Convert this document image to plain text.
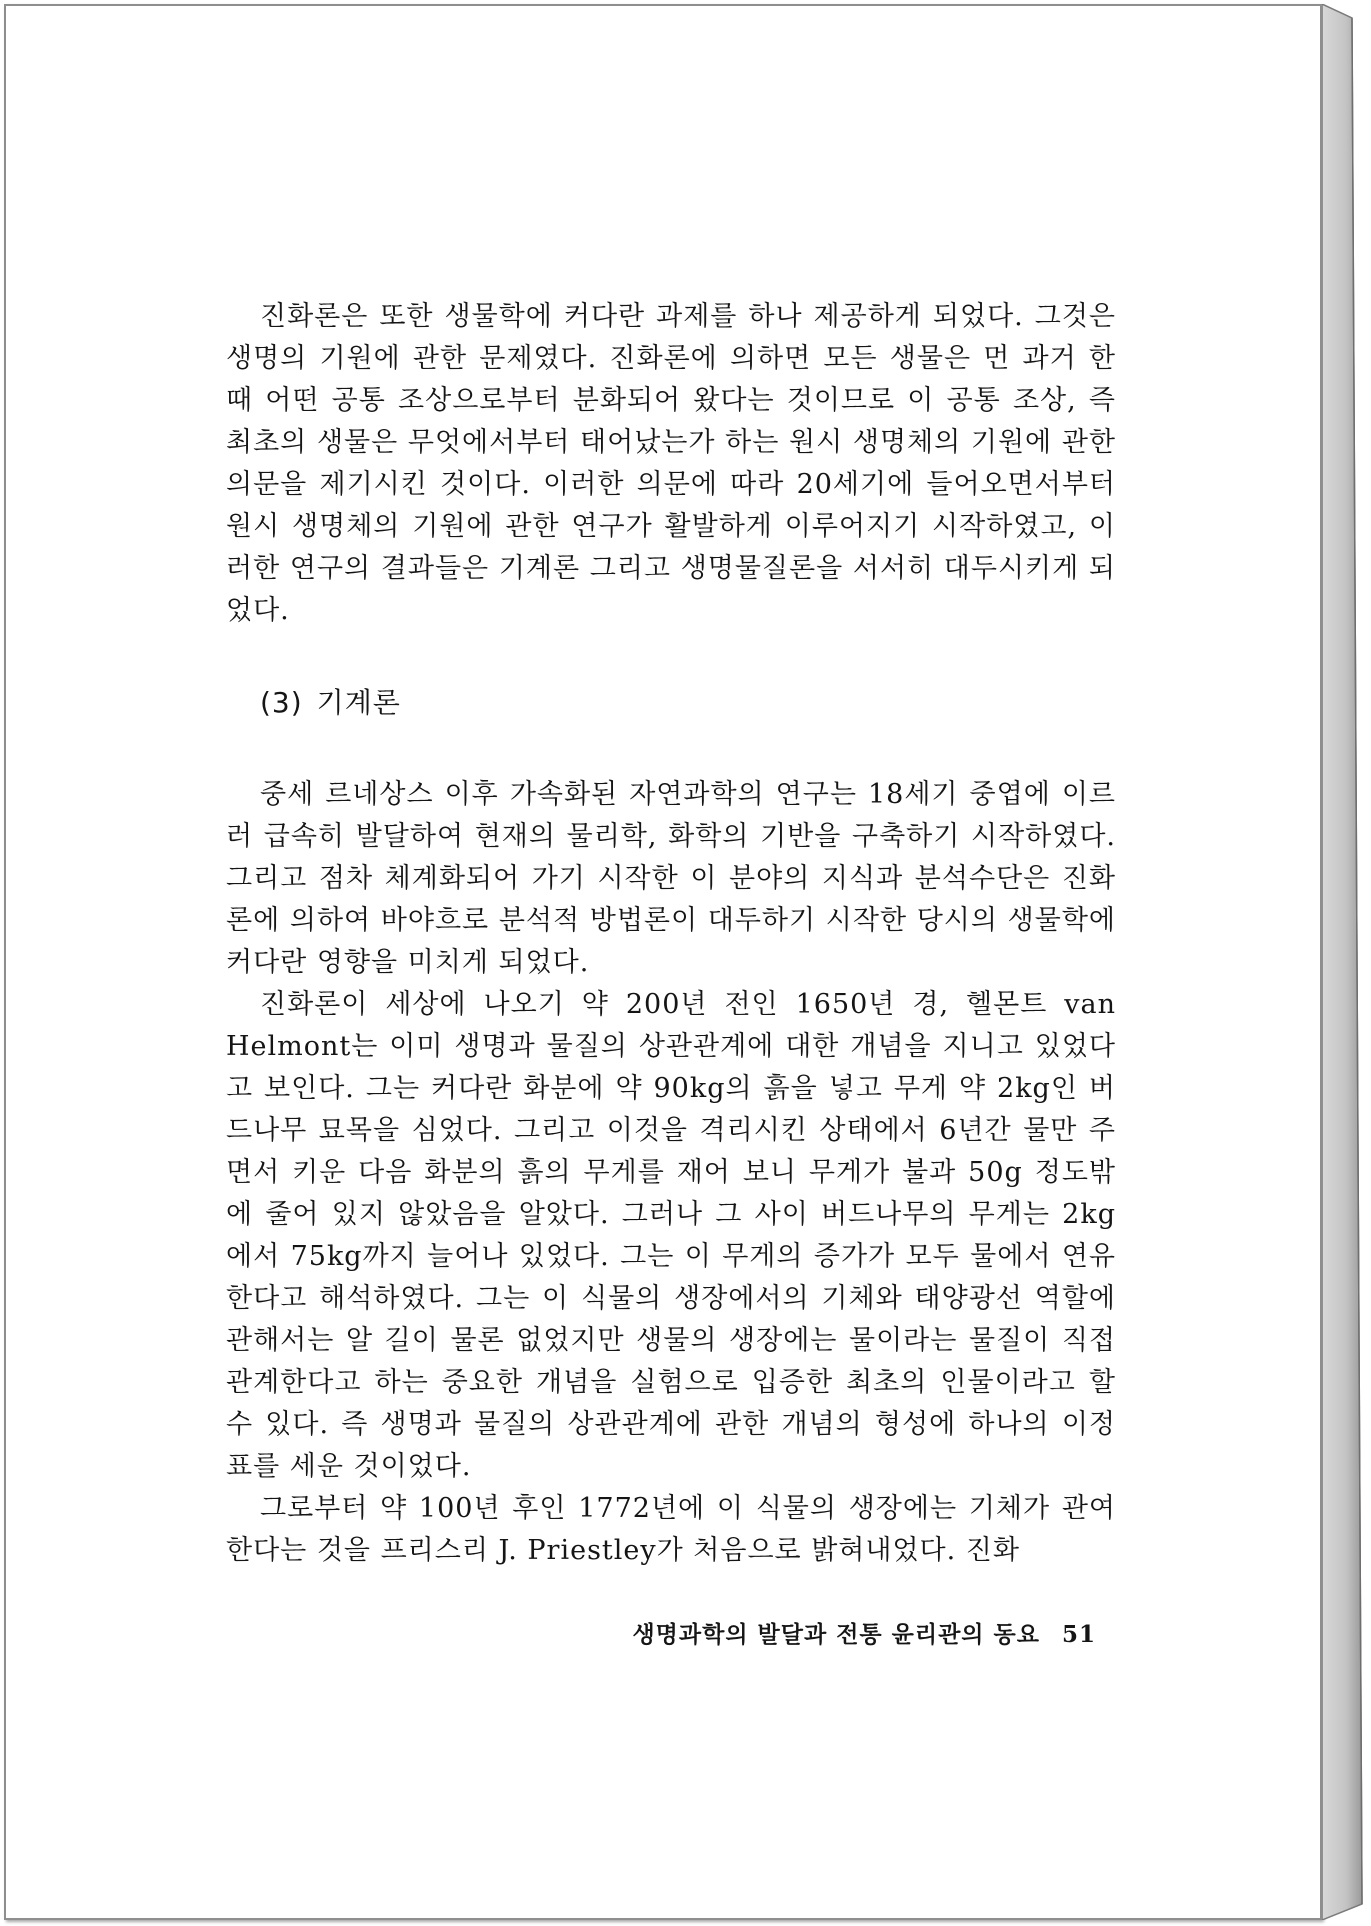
진화론은 또한 생물학에 커다란 과제를 하나 제공하게 되었다. 그것은 생명의 기원에 관한 문제였다. 진화론에 의하면 모든 생물은 먼 과거 한때 어떤 공통 조상으로부터 분화되어 왔다는 것이므로 이 공통 조상, 즉 최초의 생물은 무엇에서부터 태어났는가 하는 원시 생명체의 기원에 관한 의문을 제기시킨 것이다. 이러한 의문에 따라 20세기에 들어오면서부터 원시 생명체의 기원에 관한 연구가 활발하게 이루어지기 시작하였고, 이러한 연구의 결과들은 기계론 그리고 생명물질론을 서서히 대두시키게 되었다.

(3) 기계론

중세 르네상스 이후 가속화된 자연과학의 연구는 18세기 중엽에 이르러 급속히 발달하여 현재의 물리학, 화학의 기반을 구축하기 시작하였다. 그리고 점차 체계화되어 가기 시작한 이 분야의 지식과 분석수단은 진화론에 의하여 바야흐로 분석적 방법론이 대두하기 시작한 당시의 생물학에 커다란 영향을 미치게 되었다.

진화론이 세상에 나오기 약 200년 전인 1650년 경, 헬몬트 van Helmont는 이미 생명과 물질의 상관관계에 대한 개념을 지니고 있었다고 보인다. 그는 커다란 화분에 약 90kg의 흙을 넣고 무게 약 2kg인 버드나무 묘목을 심었다. 그리고 이것을 격리시킨 상태에서 6년간 물만 주면서 키운 다음 화분의 흙의 무게를 재어 보니 무게가 불과 50g 정도밖에 줄어 있지 않았음을 알았다. 그러나 그 사이 버드나무의 무게는 2kg에서 75kg까지 늘어나 있었다. 그는 이 무게의 증가가 모두 물에서 연유한다고 해석하였다. 그는 이 식물의 생장에서의 기체와 태양광선 역할에 관해서는 알 길이 물론 없었지만 생물의 생장에는 물이라는 물질이 직접 관계한다고 하는 중요한 개념을 실험으로 입증한 최초의 인물이라고 할 수 있다. 즉 생명과 물질의 상관관계에 관한 개념의 형성에 하나의 이정표를 세운 것이었다.

그로부터 약 100년 후인 1772년에 이 식물의 생장에는 기체가 관여한다는 것을 프리스리 J. Priestley가 처음으로 밝혀내었다. 진화

생명과학의 발달과 전통 윤리관의 동요 51
